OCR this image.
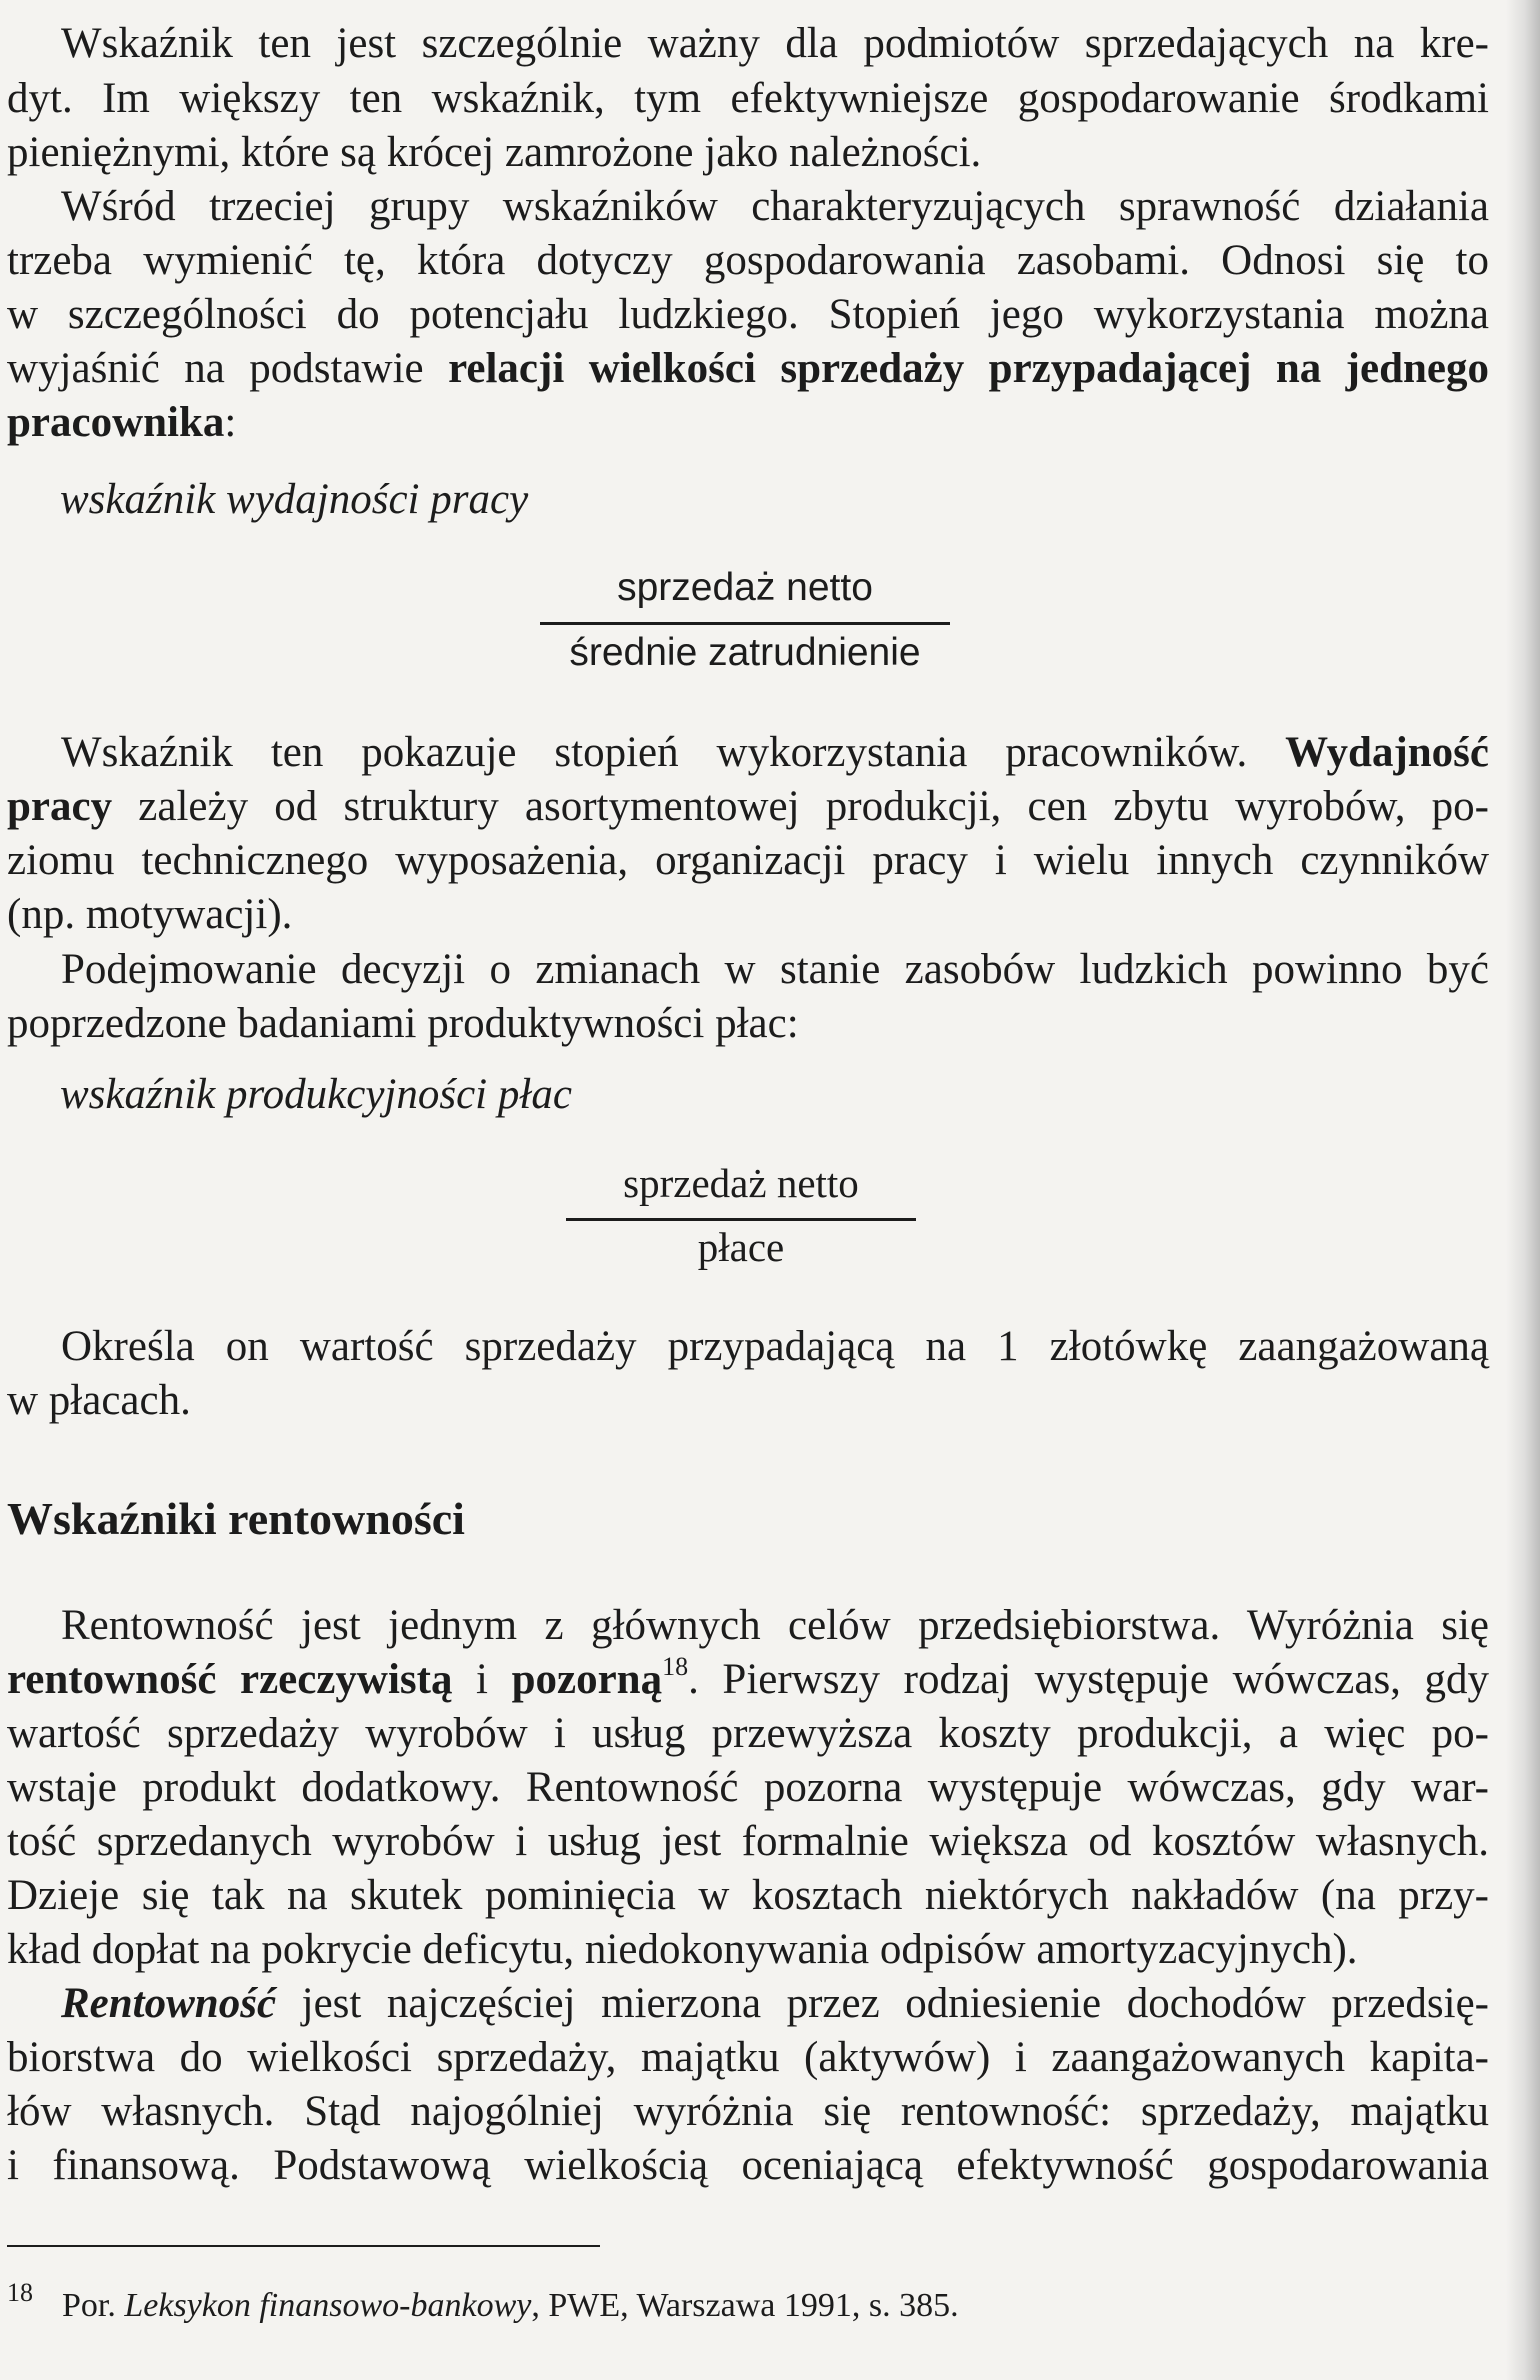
Wskaźnik ten jest szczególnie ważny dla podmiotów sprzedających na kre-
dyt. Im większy ten wskaźnik, tym efektywniejsze gospodarowanie środkami
pieniężnymi, które są krócej zamrożone jako należności.
Wśród trzeciej grupy wskaźników charakteryzujących sprawność działania
trzeba wymienić tę, która dotyczy gospodarowania zasobami. Odnosi się to
w szczególności do potencjału ludzkiego. Stopień jego wykorzystania można
wyjaśnić na podstawie relacji wielkości sprzedaży przypadającej na jednego
pracownika:
wskaźnik wydajności pracy
sprzedaż netto
średnie zatrudnienie
Wskaźnik ten pokazuje stopień wykorzystania pracowników. Wydajność
pracy zależy od struktury asortymentowej produkcji, cen zbytu wyrobów, po-
ziomu technicznego wyposażenia, organizacji pracy i wielu innych czynników
(np. motywacji).
Podejmowanie decyzji o zmianach w stanie zasobów ludzkich powinno być
poprzedzone badaniami produktywności płac:
wskaźnik produkcyjności płac
sprzedaż netto
płace
Określa on wartość sprzedaży przypadającą na 1 złotówkę zaangażowaną
w płacach.
Wskaźniki rentowności
Rentowność jest jednym z głównych celów przedsiębiorstwa. Wyróżnia się
rentowność rzeczywistą i pozorną$^{18}$. Pierwszy rodzaj występuje wówczas, gdy
wartość sprzedaży wyrobów i usług przewyższa koszty produkcji, a więc po-
wstaje produkt dodatkowy. Rentowność pozorna występuje wówczas, gdy war-
tość sprzedanych wyrobów i usług jest formalnie większa od kosztów własnych.
Dzieje się tak na skutek pominięcia w kosztach niektórych nakładów (na przy-
kład dopłat na pokrycie deficytu, niedokonywania odpisów amortyzacyjnych).
Rentowność jest najczęściej mierzona przez odniesienie dochodów przedsię-
biorstwa do wielkości sprzedaży, majątku (aktywów) i zaangażowanych kapita-
łów własnych. Stąd najogólniej wyróżnia się rentowność: sprzedaży, majątku
i finansową. Podstawową wielkością oceniającą efektywność gospodarowania
18 Por. Leksykon finansowo-bankowy, PWE, Warszawa 1991, s. 385.
